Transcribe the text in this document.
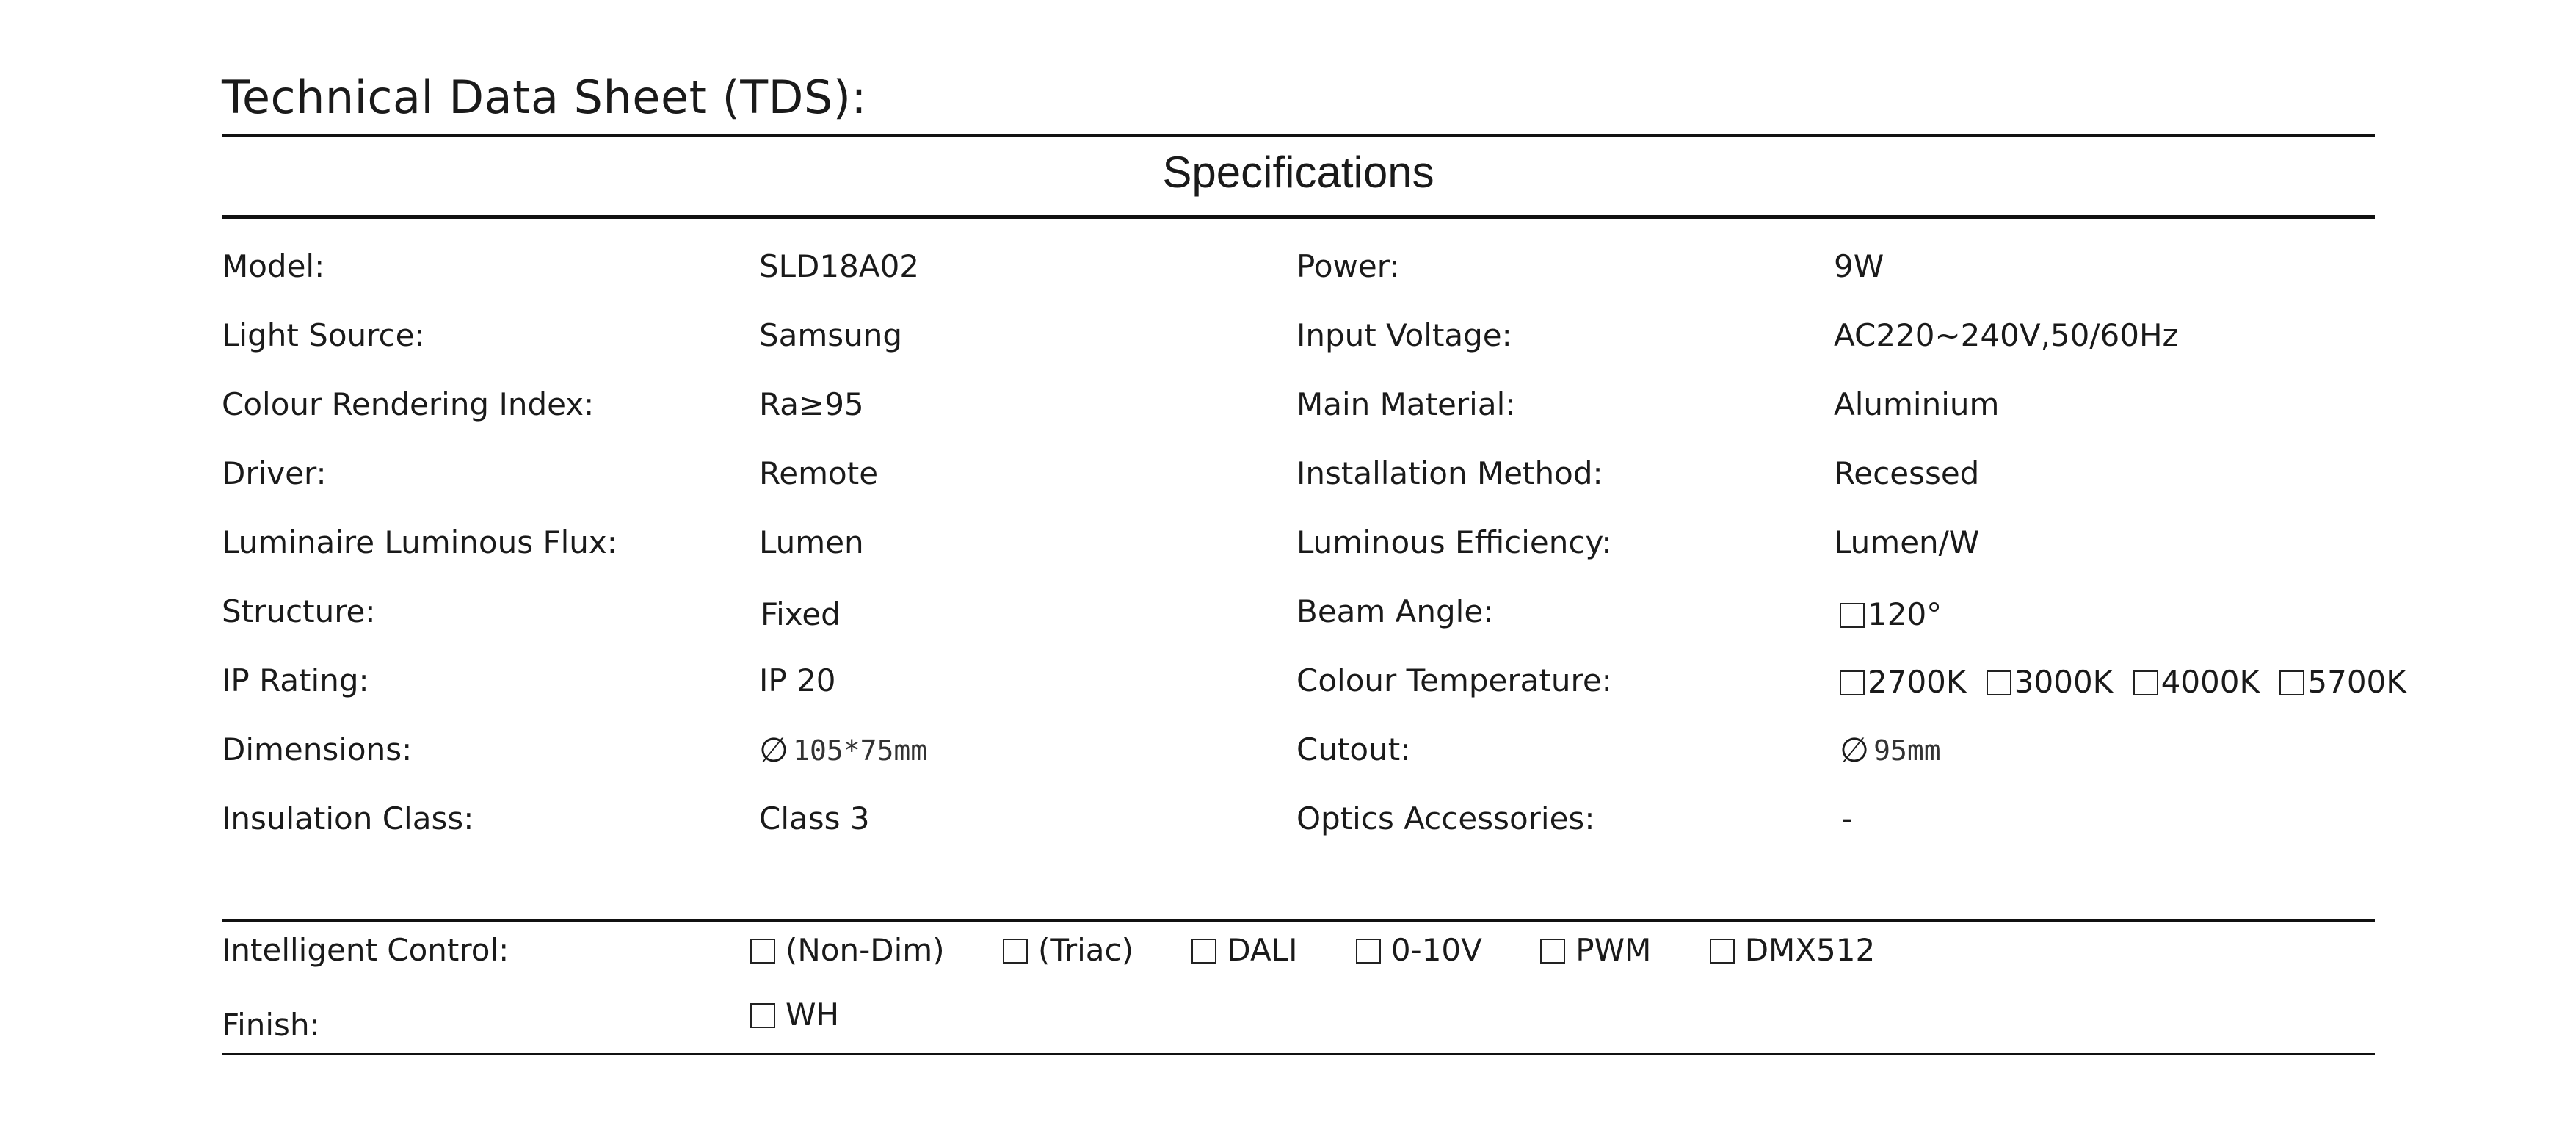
Technical Data Sheet (TDS):
Specifications
Model:	SLD18A02	Power:	9W
Light Source:	Samsung	Input Voltage:	AC220~240V,50/60Hz
Colour Rendering Index:	Ra≥95	Main Material:	Aluminium
Driver:	Remote	Installation Method:	Recessed
Luminaire Luminous Flux:	Lumen	Luminous Efficiency:	Lumen/W
Structure:	Fixed	Beam Angle:	120°
IP Rating:	IP 20	Colour Temperature:	2700K 3000K 4000K 5700K
Dimensions:	∅ 105*75mm	Cutout:	∅ 95mm
Insulation Class:	Class 3	Optics Accessories:	-
Intelligent Control:	(Non-Dim)	(Triac)	DALI	0-10V	PWM	DMX512
Finish:	WH
